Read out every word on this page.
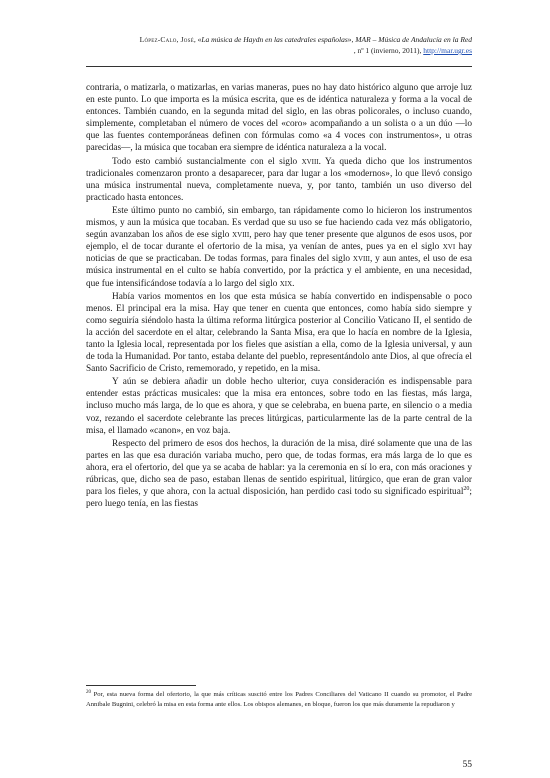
López-Calo, José, «La música de Haydn en las catedrales españolas», MAR – Música de Andalucía en la Red
, nº 1 (invierno, 2011), http://mar.ugr.es

contraria, o matizarla, o matizarlas, en varias maneras, pues no hay dato histórico alguno que arroje luz en este punto. Lo que importa es la música escrita, que es de idéntica naturaleza y forma a la vocal de entonces. También cuando, en la segunda mitad del siglo, en las obras policorales, o incluso cuando, simplemente, completaban el número de voces del «coro» acompañando a un solista o a un dúo —lo que las fuentes contemporáneas definen con fórmulas como «a 4 voces con instrumentos», u otras parecidas—, la música que tocaban era siempre de idéntica naturaleza a la vocal.

Todo esto cambió sustancialmente con el siglo xviii. Ya queda dicho que los instrumentos tradicionales comenzaron pronto a desaparecer, para dar lugar a los «modernos», lo que llevó consigo una música instrumental nueva, completamente nueva, y, por tanto, también un uso diverso del practicado hasta entonces.

Este último punto no cambió, sin embargo, tan rápidamente como lo hicieron los instrumentos mismos, y aun la música que tocaban. Es verdad que su uso se fue haciendo cada vez más obligatorio, según avanzaban los años de ese siglo xviii, pero hay que tener presente que algunos de esos usos, por ejemplo, el de tocar durante el ofertorio de la misa, ya venían de antes, pues ya en el siglo xvi hay noticias de que se practicaban. De todas formas, para finales del siglo xviii, y aun antes, el uso de esa música instrumental en el culto se había convertido, por la práctica y el ambiente, en una necesidad, que fue intensificándose todavía a lo largo del siglo xix.

Había varios momentos en los que esta música se había convertido en indispensable o poco menos. El principal era la misa. Hay que tener en cuenta que entonces, como había sido siempre y como seguiría siéndolo hasta la última reforma litúrgica posterior al Concilio Vaticano II, el sentido de la acción del sacerdote en el altar, celebrando la Santa Misa, era que lo hacía en nombre de la Iglesia, tanto la Iglesia local, representada por los fieles que asistían a ella, como de la Iglesia universal, y aun de toda la Humanidad. Por tanto, estaba delante del pueblo, representándolo ante Dios, al que ofrecía el Santo Sacrificio de Cristo, rememorado, y repetido, en la misa.

Y aún se debiera añadir un doble hecho ulterior, cuya consideración es indispensable para entender estas prácticas musicales: que la misa era entonces, sobre todo en las fiestas, más larga, incluso mucho más larga, de lo que es ahora, y que se celebraba, en buena parte, en silencio o a media voz, rezando el sacerdote celebrante las preces litúrgicas, particularmente las de la parte central de la misa, el llamado «canon», en voz baja.

Respecto del primero de esos dos hechos, la duración de la misa, diré solamente que una de las partes en las que esa duración variaba mucho, pero que, de todas formas, era más larga de lo que es ahora, era el ofertorio, del que ya se acaba de hablar: ya la ceremonia en sí lo era, con más oraciones y rúbricas, que, dicho sea de paso, estaban llenas de sentido espiritual, litúrgico, que eran de gran valor para los fieles, y que ahora, con la actual disposición, han perdido casi todo su significado espiritual$^{20}$; pero luego tenía, en las fiestas

$^{20}$ Por, esta nueva forma del ofertorio, la que más críticas suscitó entre los Padres Conciliares del Vaticano II cuando su promotor, el Padre Annibale Bugnini, celebró la misa en esta forma ante ellos. Los obispos alemanes, en bloque, fueron los que más duramente la repudiaron y
55
